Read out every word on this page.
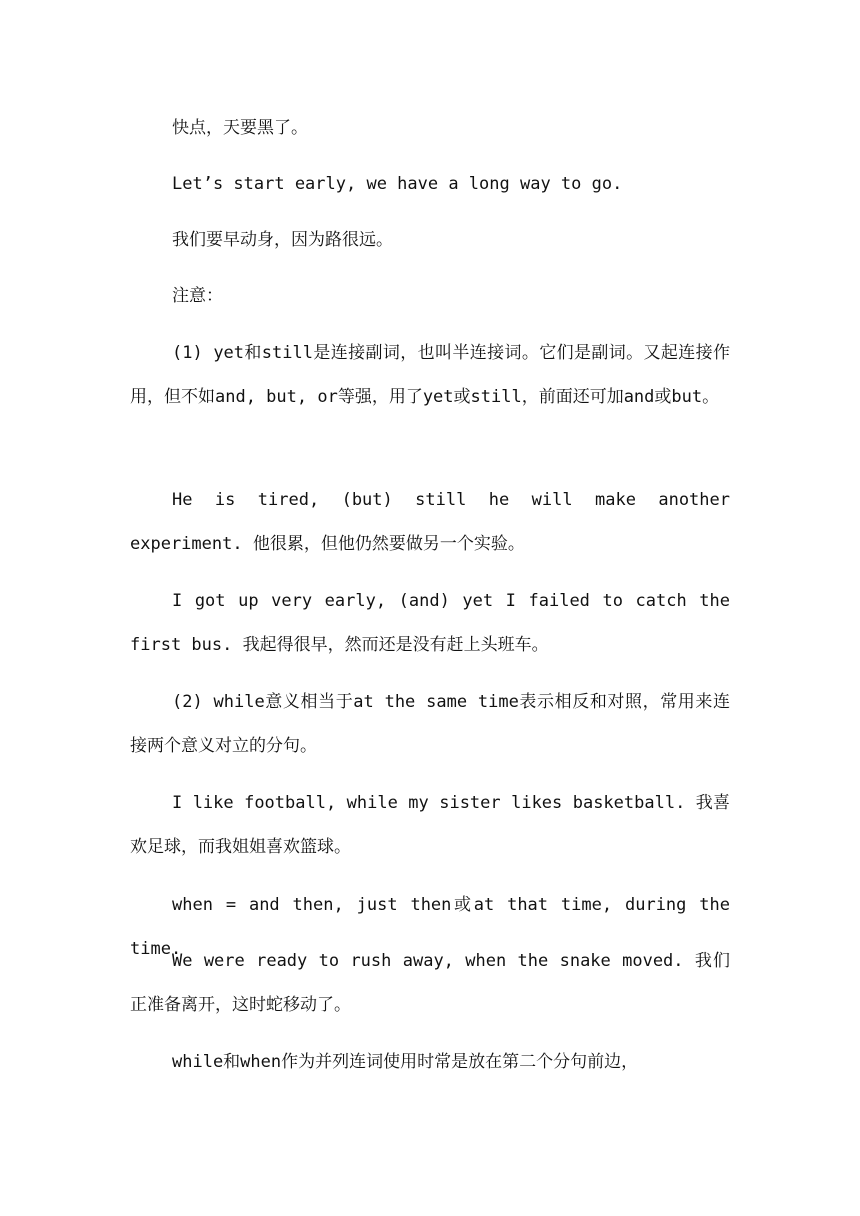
快点，天要黑了。

Let’s start early, we have a long way to go.

我们要早动身，因为路很远。

注意：

(1) yet和still是连接副词，也叫半连接词。它们是副词。又起连接作用，但不如and, but, or等强，用了yet或still，前面还可加and或but。

He is tired, (but) still he will make another experiment. 他很累，但他仍然要做另一个实验。

I got up very early, (and) yet I failed to catch the first bus. 我起得很早，然而还是没有赶上头班车。

(2) while意义相当于at the same time表示相反和对照，常用来连接两个意义对立的分句。

I like football, while my sister likes basketball. 我喜欢足球，而我姐姐喜欢篮球。

when = and then, just then或at that time, during the time.

We were ready to rush away, when the snake moved. 我们正准备离开，这时蛇移动了。

while和when作为并列连词使用时常是放在第二个分句前边，
